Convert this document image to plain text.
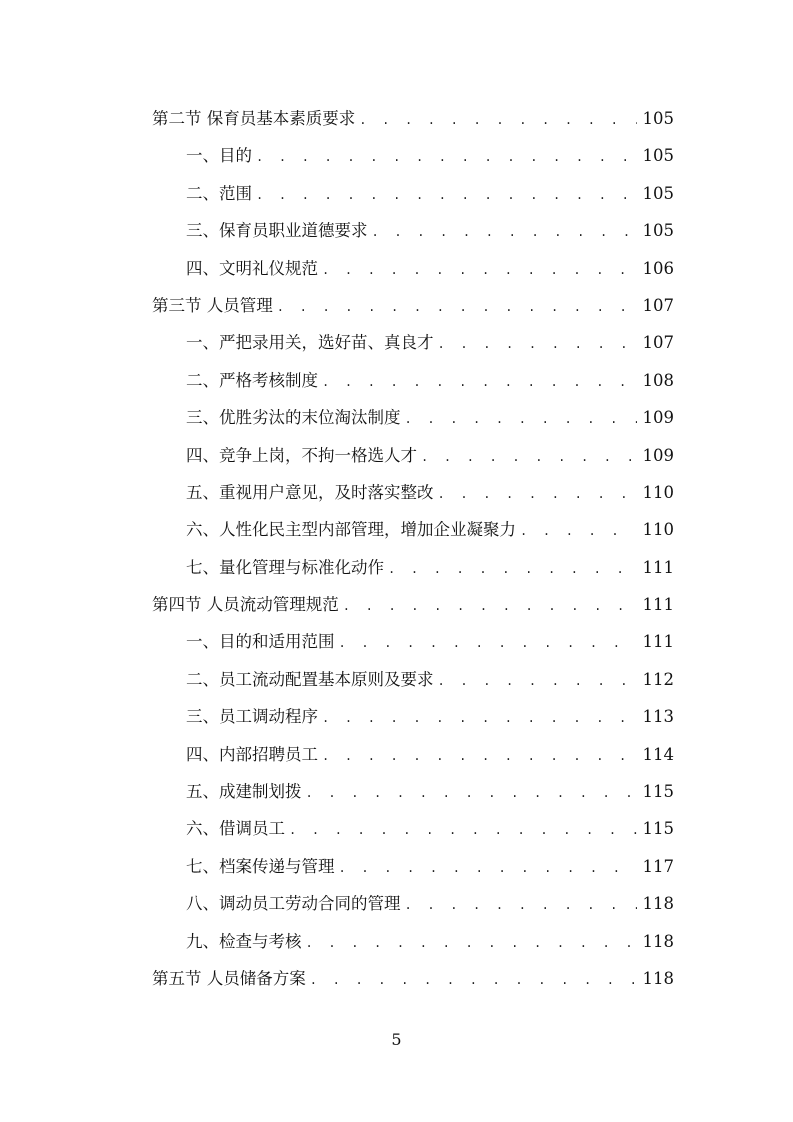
第二节 保育员基本素质要求 . . .	105
一、目的 . . .	105
二、范围 . . .	105
三、保育员职业道德要求 . . .	105
四、文明礼仪规范 . . .	106
第三节 人员管理 . . .	107
一、严把录用关，选好苗、真良才 . . .	107
二、严格考核制度 . . .	108
三、优胜劣汰的末位淘汰制度 . . .	109
四、竞争上岗，不拘一格选人才 . . .	109
五、重视用户意见，及时落实整改 . . .	110
六、人性化民主型内部管理，增加企业凝聚力 . . .	110
七、量化管理与标准化动作 . . .	111
第四节 人员流动管理规范 . . .	111
一、目的和适用范围 . . .	111
二、员工流动配置基本原则及要求 . . .	112
三、员工调动程序 . . .	113
四、内部招聘员工 . . .	114
五、成建制划拨 . . .	115
六、借调员工 . . .	115
七、档案传递与管理 . . .	117
八、调动员工劳动合同的管理 . . .	118
九、检查与考核 . . .	118
第五节 人员储备方案 . . .	118
5
